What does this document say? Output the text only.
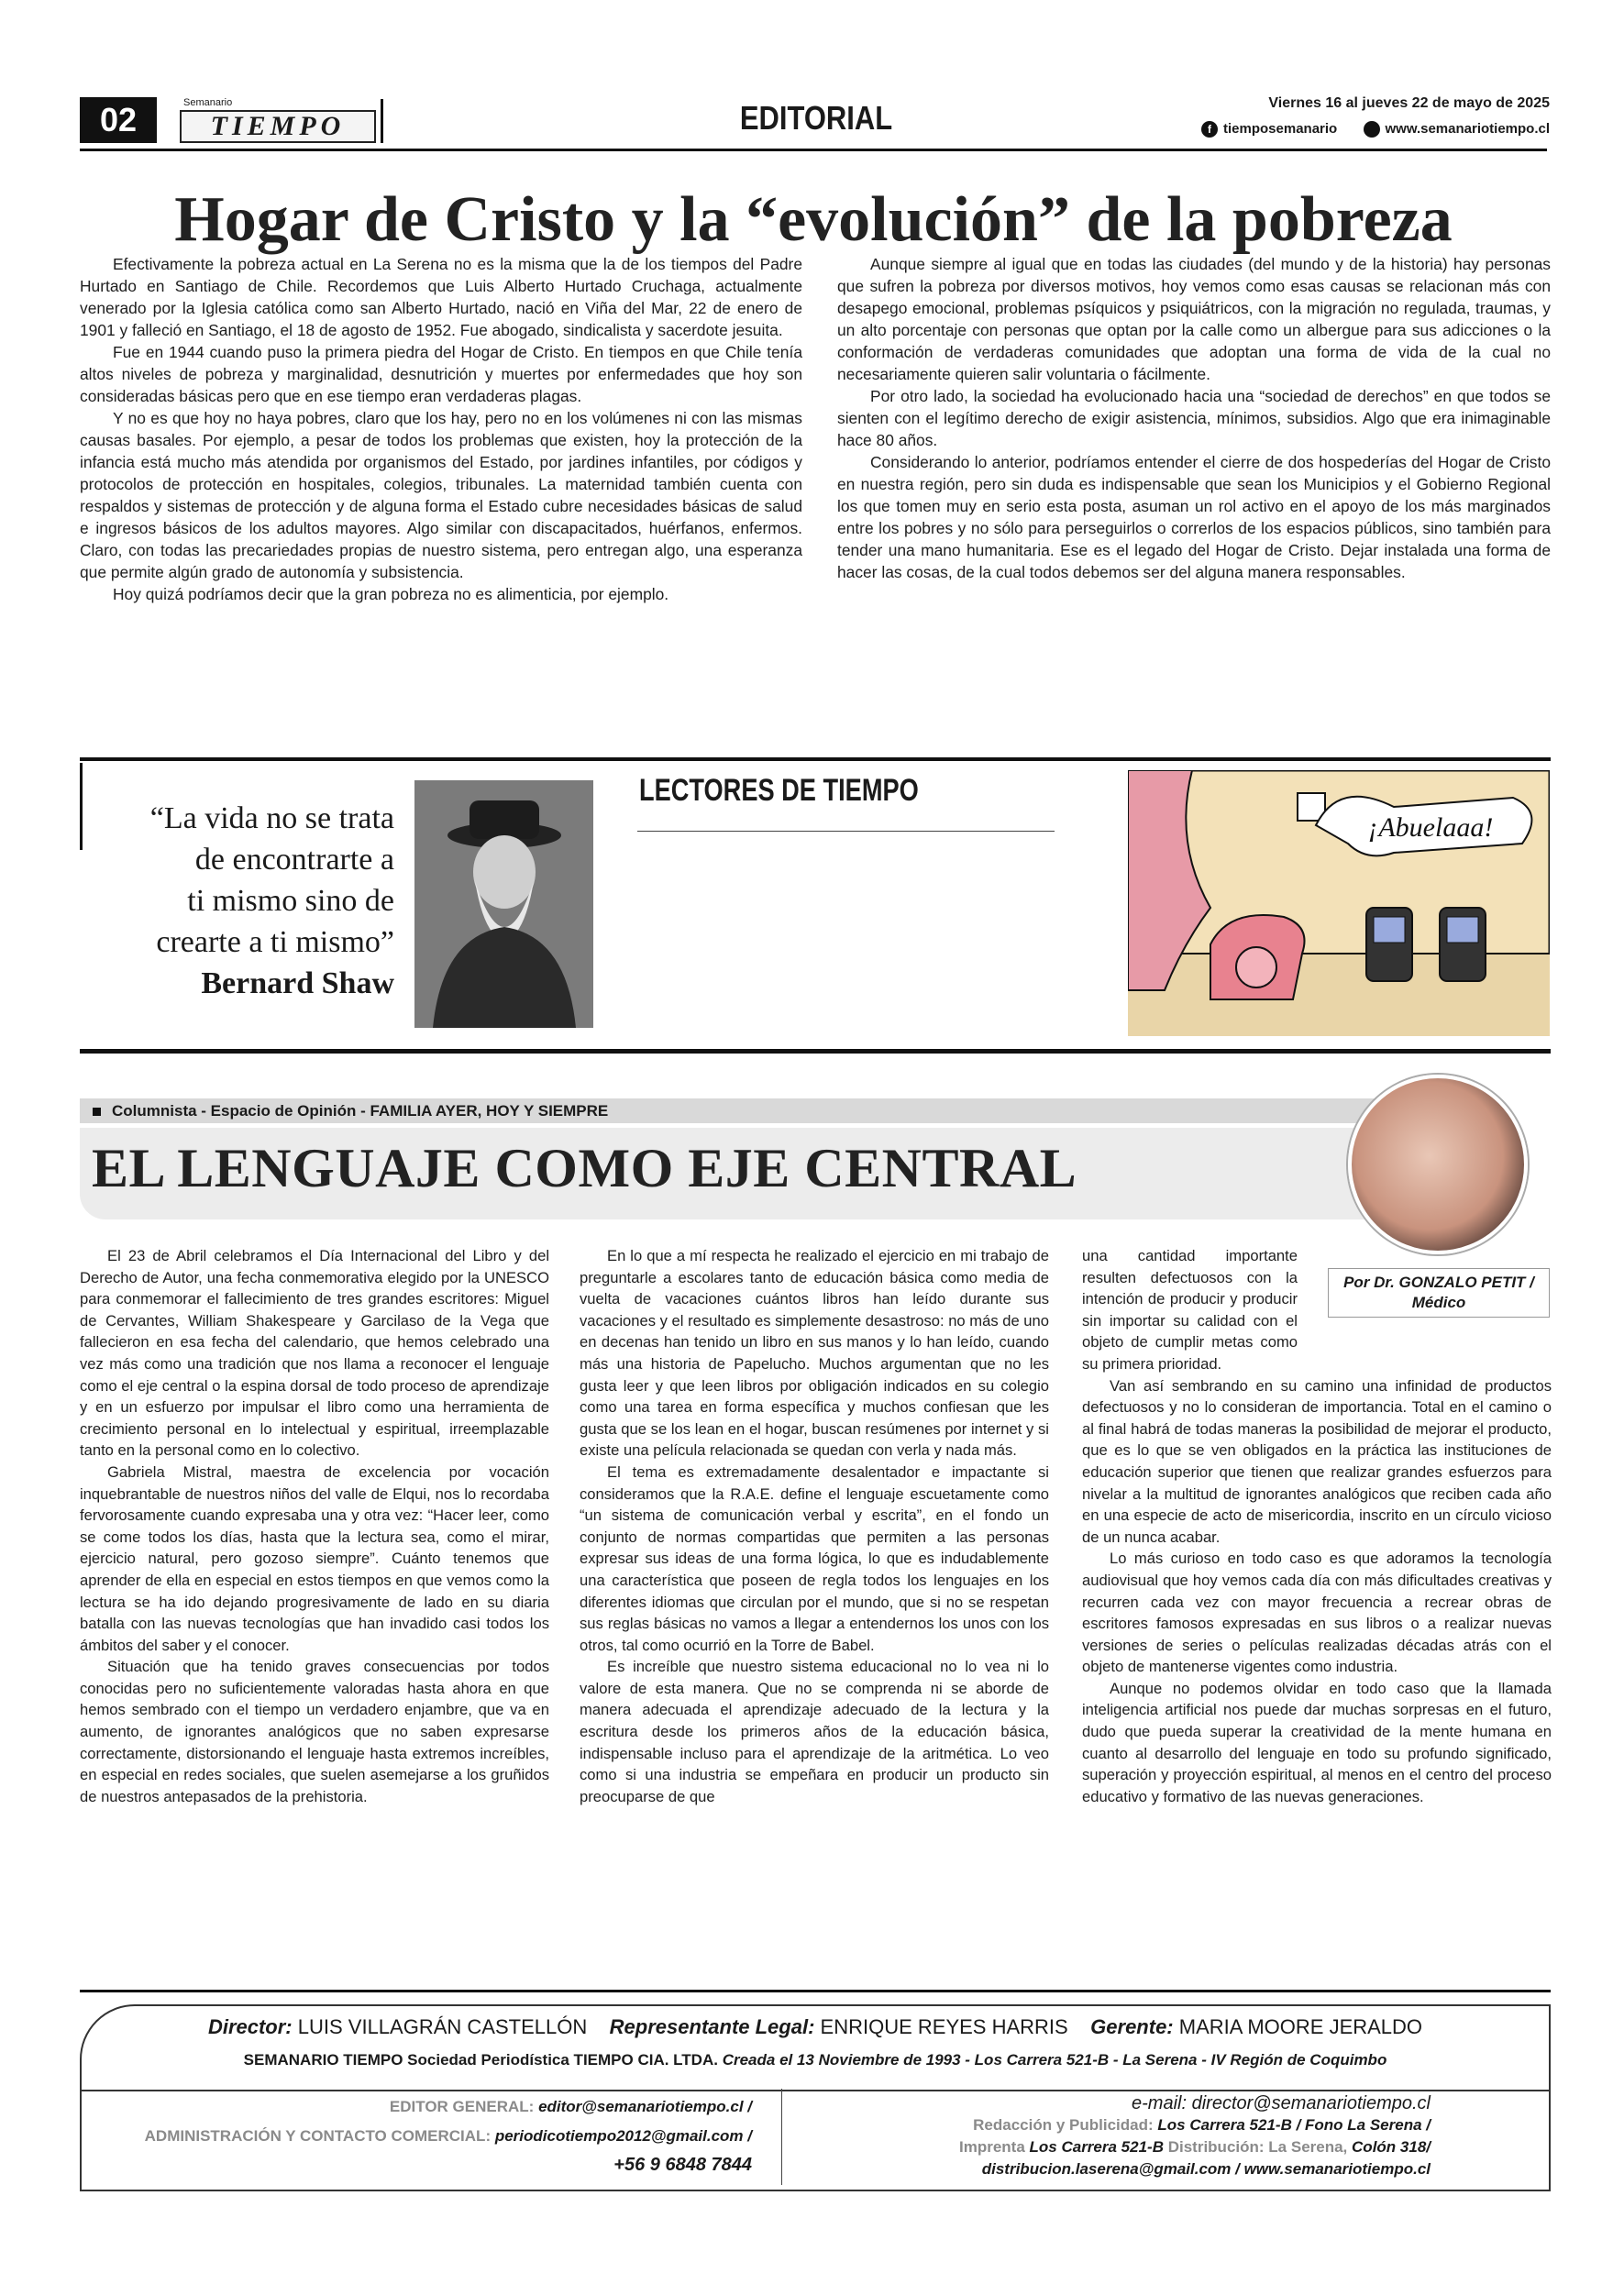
02	Semanario
TIEMPO	EDITORIAL	Viernes 16 al jueves 22 de mayo de 2025
f tiemposemanario	www.semanariotiempo.cl
Hogar de Cristo y la “evolución” de la pobreza

Efectivamente la pobreza actual en La Serena no es la misma que la de los tiempos del Padre Hurtado en Santiago de Chile. Recordemos que Luis Alberto Hurtado Cruchaga, actualmente venerado por la Iglesia católica como san Alberto Hurtado, nació en Viña del Mar, 22 de enero de 1901 y falleció en Santiago, el 18 de agosto de 1952. Fue abogado, sindicalista y sacerdote jesuita.

Fue en 1944 cuando puso la primera piedra del Hogar de Cristo. En tiempos en que Chile tenía altos niveles de pobreza y marginalidad, desnutrición y muertes por enfermedades que hoy son consideradas básicas pero que en ese tiempo eran verdaderas plagas.

Y no es que hoy no haya pobres, claro que los hay, pero no en los volúmenes ni con las mismas causas basales. Por ejemplo, a pesar de todos los problemas que existen, hoy la protección de la infancia está mucho más atendida por organismos del Estado, por jardines infantiles, por códigos y protocolos de protección en hospitales, colegios, tribunales. La maternidad también cuenta con respaldos y sistemas de protección y de alguna forma el Estado cubre necesidades básicas de salud e ingresos básicos de los adultos mayores. Algo similar con discapacitados, huérfanos, enfermos. Claro, con todas las precariedades propias de nuestro sistema, pero entregan algo, una esperanza que permite algún grado de autonomía y subsistencia.

Hoy quizá podríamos decir que la gran pobreza no es alimenticia, por ejemplo.

Aunque siempre al igual que en todas las ciudades (del mundo y de la historia) hay personas que sufren la pobreza por diversos motivos, hoy vemos como esas causas se relacionan más con desapego emocional, problemas psíquicos y psiquiátricos, con la migración no regulada, traumas, y un alto porcentaje con personas que optan por la calle como un albergue para sus adicciones o la conformación de verdaderas comunidades que adoptan una forma de vida de la cual no necesariamente quieren salir voluntaria o fácilmente.

Por otro lado, la sociedad ha evolucionado hacia una “sociedad de derechos” en que todos se sienten con el legítimo derecho de exigir asistencia, mínimos, subsidios. Algo que era inimaginable hace 80 años.

Considerando lo anterior, podríamos entender el cierre de dos hospederías del Hogar de Cristo en nuestra región, pero sin duda es indispensable que sean los Municipios y el Gobierno Regional los que tomen muy en serio esta posta, asuman un rol activo en el apoyo de los más marginados entre los pobres y no sólo para perseguirlos o correrlos de los espacios públicos, sino también para tender una mano humanitaria. Ese es el legado del Hogar de Cristo. Dejar instalada una forma de hacer las cosas, de la cual todos debemos ser del alguna manera responsables.

“La vida no se trata
de encontrarte a
ti mismo sino de
crearte a ti mismo”
Bernard Shaw
LECTORES DE TIEMPO
¡Abuelaaa!
Columnista - Espacio de Opinión - FAMILIA AYER, HOY Y SIEMPRE
EL LENGUAJE COMO EJE CENTRAL
Por Dr. GONZALO PETIT /
Médico

El 23 de Abril celebramos el Día Internacional del Libro y del Derecho de Autor, una fecha conmemorativa elegido por la UNESCO para conmemorar el fallecimiento de tres grandes escritores: Miguel de Cervantes, William Shakespeare y Garcilaso de la Vega que fallecieron en esa fecha del calendario, que hemos celebrado una vez más como una tradición que nos llama a reconocer el lenguaje como el eje central o la espina dorsal de todo proceso de aprendizaje y en un esfuerzo por impulsar el libro como una herramienta de crecimiento personal en lo intelectual y espiritual, irreemplazable tanto en la personal como en lo colectivo.

Gabriela Mistral, maestra de excelencia por vocación inquebrantable de nuestros niños del valle de Elqui, nos lo recordaba fervorosamente cuando expresaba una y otra vez: “Hacer leer, como se come todos los días, hasta que la lectura sea, como el mirar, ejercicio natural, pero gozoso siempre”. Cuánto tenemos que aprender de ella en especial en estos tiempos en que vemos como la lectura se ha ido dejando progresivamente de lado en su diaria batalla con las nuevas tecnologías que han invadido casi todos los ámbitos del saber y el conocer.

Situación que ha tenido graves consecuencias por todos conocidas pero no suficientemente valoradas hasta ahora en que hemos sembrado con el tiempo un verdadero enjambre, que va en aumento, de ignorantes analógicos que no saben expresarse correctamente, distorsionando el lenguaje hasta extremos increíbles, en especial en redes sociales, que suelen asemejarse a los gruñidos de nuestros antepasados de la prehistoria.

En lo que a mí respecta he realizado el ejercicio en mi trabajo de preguntarle a escolares tanto de educación básica como media de vuelta de vacaciones cuántos libros han leído durante sus vacaciones y el resultado es simplemente desastroso: no más de uno en decenas han tenido un libro en sus manos y lo han leído, cuando más una historia de Papelucho. Muchos argumentan que no les gusta leer y que leen libros por obligación indicados en su colegio como una tarea en forma específica y muchos confiesan que les gusta que se los lean en el hogar, buscan resúmenes por internet y si existe una película relacionada se quedan con verla y nada más.

El tema es extremadamente desalentador e impactante si consideramos que la R.A.E. define el lenguaje escuetamente como “un sistema de comunicación verbal y escrita”, en el fondo un conjunto de normas compartidas que permiten a las personas expresar sus ideas de una forma lógica, lo que es indudablemente una característica que poseen de regla todos los lenguajes en los diferentes idiomas que circulan por el mundo, que si no se respetan sus reglas básicas no vamos a llegar a entendernos los unos con los otros, tal como ocurrió en la Torre de Babel.

Es increíble que nuestro sistema educacional no lo vea ni lo valore de esta manera. Que no se comprenda ni se aborde de manera adecuada el aprendizaje adecuado de la lectura y la escritura desde los primeros años de la educación básica, indispensable incluso para el aprendizaje de la aritmética. Lo veo como si una industria se empeñara en producir un producto sin preocuparse de que

una cantidad importante resulten defectuosos con la intención de producir y producir sin importar su calidad con el objeto de cumplir metas como su primera prioridad.

Van así sembrando en su camino una infinidad de productos defectuosos y no lo consideran de importancia. Total en el camino o al final habrá de todas maneras la posibilidad de mejorar el producto, que es lo que se ven obligados en la práctica las instituciones de educación superior que tienen que realizar grandes esfuerzos para nivelar a la multitud de ignorantes analógicos que reciben cada año en una especie de acto de misericordia, inscrito en un círculo vicioso de un nunca acabar.

Lo más curioso en todo caso es que adoramos la tecnología audiovisual que hoy vemos cada día con más dificultades creativas y recurren cada vez con mayor frecuencia a recrear obras de escritores famosos expresadas en sus libros o a realizar nuevas versiones de series o películas realizadas décadas atrás con el objeto de mantenerse vigentes como industria.

Aunque no podemos olvidar en todo caso que la llamada inteligencia artificial nos puede dar muchas sorpresas en el futuro, dudo que pueda superar la creatividad de la mente humana en cuanto al desarrollo del lenguaje en todo su profundo significado, superación y proyección espiritual, al menos en el centro del proceso educativo y formativo de las nuevas generaciones.

Director: LUIS VILLAGRÁN CASTELLÓN Representante Legal: ENRIQUE REYES HARRIS Gerente: MARIA MOORE JERALDO
SEMANARIO TIEMPO Sociedad Periodística TIEMPO CIA. LTDA. Creada el 13 Noviembre de 1993 - Los Carrera 521-B - La Serena - IV Región de Coquimbo
EDITOR GENERAL: editor@semanariotiempo.cl /
ADMINISTRACIÓN Y CONTACTO COMERCIAL: periodicotiempo2012@gmail.com /
+56 9 6848 7844
e-mail: director@semanariotiempo.cl
Redacción y Publicidad: Los Carrera 521-B / Fono La Serena /
Imprenta Los Carrera 521-B Distribución: La Serena, Colón 318/
distribucion.laserena@gmail.com / www.semanariotiempo.cl
